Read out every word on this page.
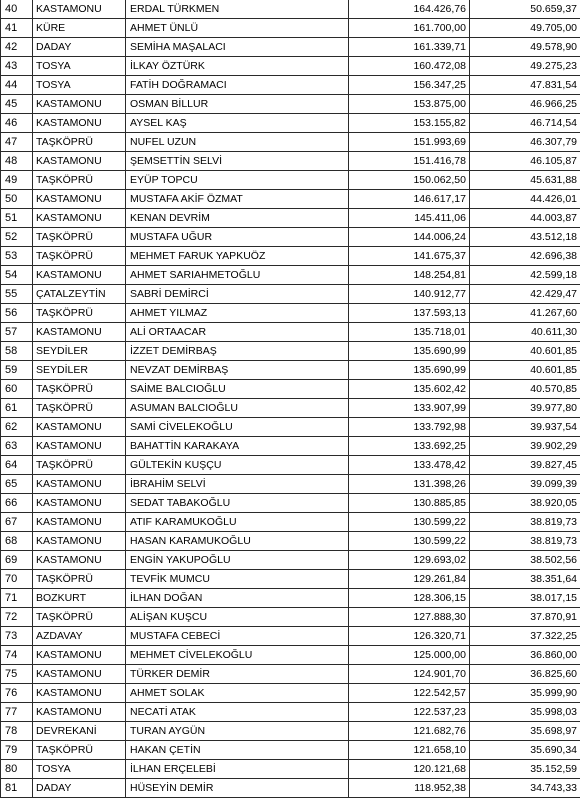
40	KASTAMONU	ERDAL TÜRKMEN	164.426,76	50.659,37
41	KÜRE	AHMET ÜNLÜ	161.700,00	49.705,00
42	DADAY	SEMİHA MAŞALACI	161.339,71	49.578,90
43	TOSYA	İLKAY ÖZTÜRK	160.472,08	49.275,23
44	TOSYA	FATİH DOĞRAMACI	156.347,25	47.831,54
45	KASTAMONU	OSMAN BİLLUR	153.875,00	46.966,25
46	KASTAMONU	AYSEL KAŞ	153.155,82	46.714,54
47	TAŞKÖPRÜ	NUFEL UZUN	151.993,69	46.307,79
48	KASTAMONU	ŞEMSETTİN SELVİ	151.416,78	46.105,87
49	TAŞKÖPRÜ	EYÜP TOPCU	150.062,50	45.631,88
50	KASTAMONU	MUSTAFA AKİF ÖZMAT	146.617,17	44.426,01
51	KASTAMONU	KENAN DEVRİM	145.411,06	44.003,87
52	TAŞKÖPRÜ	MUSTAFA UĞUR	144.006,24	43.512,18
53	TAŞKÖPRÜ	MEHMET FARUK YAPKUÖZ	141.675,37	42.696,38
54	KASTAMONU	AHMET SARIAHMETOĞLU	148.254,81	42.599,18
55	ÇATALZEYTİN	SABRİ DEMİRCİ	140.912,77	42.429,47
56	TAŞKÖPRÜ	AHMET YILMAZ	137.593,13	41.267,60
57	KASTAMONU	ALİ ORTAACAR	135.718,01	40.611,30
58	SEYDİLER	İZZET DEMİRBAŞ	135.690,99	40.601,85
59	SEYDİLER	NEVZAT DEMİRBAŞ	135.690,99	40.601,85
60	TAŞKÖPRÜ	SAİME BALCIOĞLU	135.602,42	40.570,85
61	TAŞKÖPRÜ	ASUMAN BALCIOĞLU	133.907,99	39.977,80
62	KASTAMONU	SAMİ CİVELEKOĞLU	133.792,98	39.937,54
63	KASTAMONU	BAHATTİN KARAKAYA	133.692,25	39.902,29
64	TAŞKÖPRÜ	GÜLTEKİN KUŞÇU	133.478,42	39.827,45
65	KASTAMONU	İBRAHİM SELVİ	131.398,26	39.099,39
66	KASTAMONU	SEDAT TABAKOĞLU	130.885,85	38.920,05
67	KASTAMONU	ATIF KARAMUKOĞLU	130.599,22	38.819,73
68	KASTAMONU	HASAN KARAMUKOĞLU	130.599,22	38.819,73
69	KASTAMONU	ENGİN YAKUPOĞLU	129.693,02	38.502,56
70	TAŞKÖPRÜ	TEVFİK MUMCU	129.261,84	38.351,64
71	BOZKURT	İLHAN DOĞAN	128.306,15	38.017,15
72	TAŞKÖPRÜ	ALİŞAN KUŞCU	127.888,30	37.870,91
73	AZDAVAY	MUSTAFA CEBECİ	126.320,71	37.322,25
74	KASTAMONU	MEHMET CİVELEKOĞLU	125.000,00	36.860,00
75	KASTAMONU	TÜRKER DEMİR	124.901,70	36.825,60
76	KASTAMONU	AHMET SOLAK	122.542,57	35.999,90
77	KASTAMONU	NECATİ ATAK	122.537,23	35.998,03
78	DEVREKANİ	TURAN AYGÜN	121.682,76	35.698,97
79	TAŞKÖPRÜ	HAKAN ÇETİN	121.658,10	35.690,34
80	TOSYA	İLHAN ERÇELEBİ	120.121,68	35.152,59
81	DADAY	HÜSEYİN DEMİR	118.952,38	34.743,33
